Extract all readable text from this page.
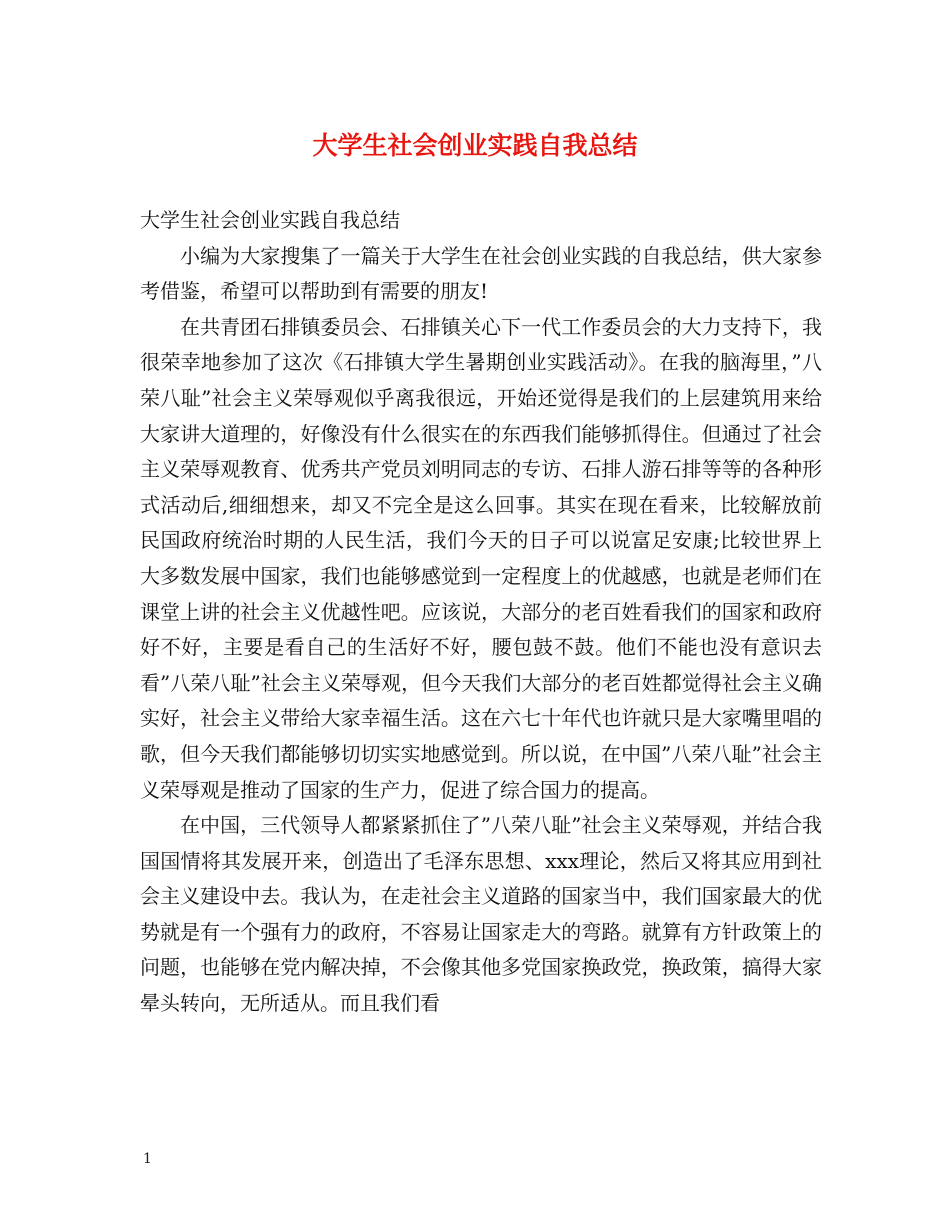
大学生社会创业实践自我总结

大学生社会创业实践自我总结

小编为大家搜集了一篇关于大学生在社会创业实践的自我总结，供大家参考借鉴，希望可以帮助到有需要的朋友!

在共青团石排镇委员会、石排镇关心下一代工作委员会的大力支持下，我很荣幸地参加了这次《石排镇大学生暑期创业实践活动》。在我的脑海里，”八荣八耻”社会主义荣辱观似乎离我很远，开始还觉得是我们的上层建筑用来给大家讲大道理的，好像没有什么很实在的东西我们能够抓得住。但通过了社会主义荣辱观教育、优秀共产党员刘明同志的专访、石排人游石排等等的各种形式活动后,细细想来，却又不完全是这么回事。其实在现在看来，比较解放前民国政府统治时期的人民生活，我们今天的日子可以说富足安康;比较世界上大多数发展中国家，我们也能够感觉到一定程度上的优越感，也就是老师们在课堂上讲的社会主义优越性吧。应该说，大部分的老百姓看我们的国家和政府好不好，主要是看自己的生活好不好，腰包鼓不鼓。他们不能也没有意识去看”八荣八耻”社会主义荣辱观，但今天我们大部分的老百姓都觉得社会主义确实好，社会主义带给大家幸福生活。这在六七十年代也许就只是大家嘴里唱的歌，但今天我们都能够切切实实地感觉到。所以说，在中国”八荣八耻”社会主义荣辱观是推动了国家的生产力，促进了综合国力的提高。

在中国，三代领导人都紧紧抓住了”八荣八耻”社会主义荣辱观，并结合我国国情将其发展开来，创造出了毛泽东思想、xxx理论，然后又将其应用到社会主义建设中去。我认为，在走社会主义道路的国家当中，我们国家最大的优势就是有一个强有力的政府，不容易让国家走大的弯路。就算有方针政策上的问题，也能够在党内解决掉，不会像其他多党国家换政党，换政策，搞得大家晕头转向，无所适从。而且我们看

1
